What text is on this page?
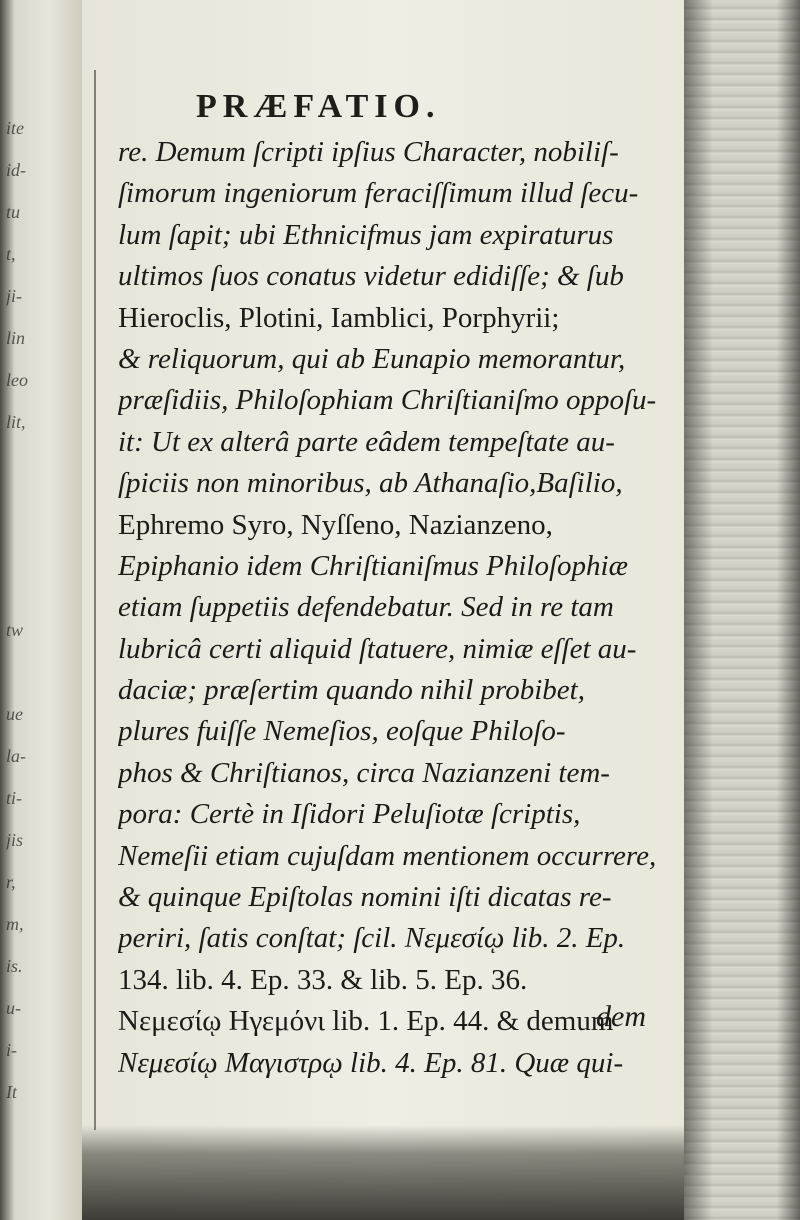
ite
id-
tu
t,
ji-
lin
leo
lit,
tw
ue
la-
ti-
jis
r,
m,
is.
u-
i-
It
PRÆFATIO.
re. Demum ſcripti ipſius Character, nobiliſ-
ſimorum ingeniorum feraciſſimum illud ſecu-
lum ſapit; ubi Ethnicifmus jam expiraturus
ultimos ſuos conatus videtur edidiſſe; & ſub
Hieroclis, Plotini, Iamblici, Porphyrii;
& reliquorum, qui ab Eunapio memorantur,
præſidiis, Philoſophiam Chriſtianiſmo oppoſu-
it: Ut ex alterâ parte eâdem tempeſtate au-
ſpiciis non minoribus, ab Athanaſio,Baſilio,
Ephremo Syro, Nyſſeno, Nazianzeno,
Epiphanio idem Chriſtianiſmus Philoſophiæ
etiam ſuppetiis defendebatur. Sed in re tam
lubricâ certi aliquid ſtatuere, nimiæ eſſet au-
daciæ; præſertim quando nihil probibet,
plures fuiſſe Nemeſios, eoſque Philoſo-
phos & Chriſtianos, circa Nazianzeni tem-
pora: Certè in Iſidori Peluſiotæ ſcriptis,
Nemeſii etiam cujuſdam mentionem occurrere,
& quinque Epiſtolas nomini iſti dicatas re-
periri, ſatis conſtat; ſcil. Νεμεσίῳ lib. 2. Ep.
134. lib. 4. Ep. 33. & lib. 5. Ep. 36.
Νεμεσίῳ Ηγεμόνι lib. 1. Ep. 44. & demum
Νεμεσίῳ Μαγιστρῳ lib. 4. Ep. 81. Quæ qui-
dem
